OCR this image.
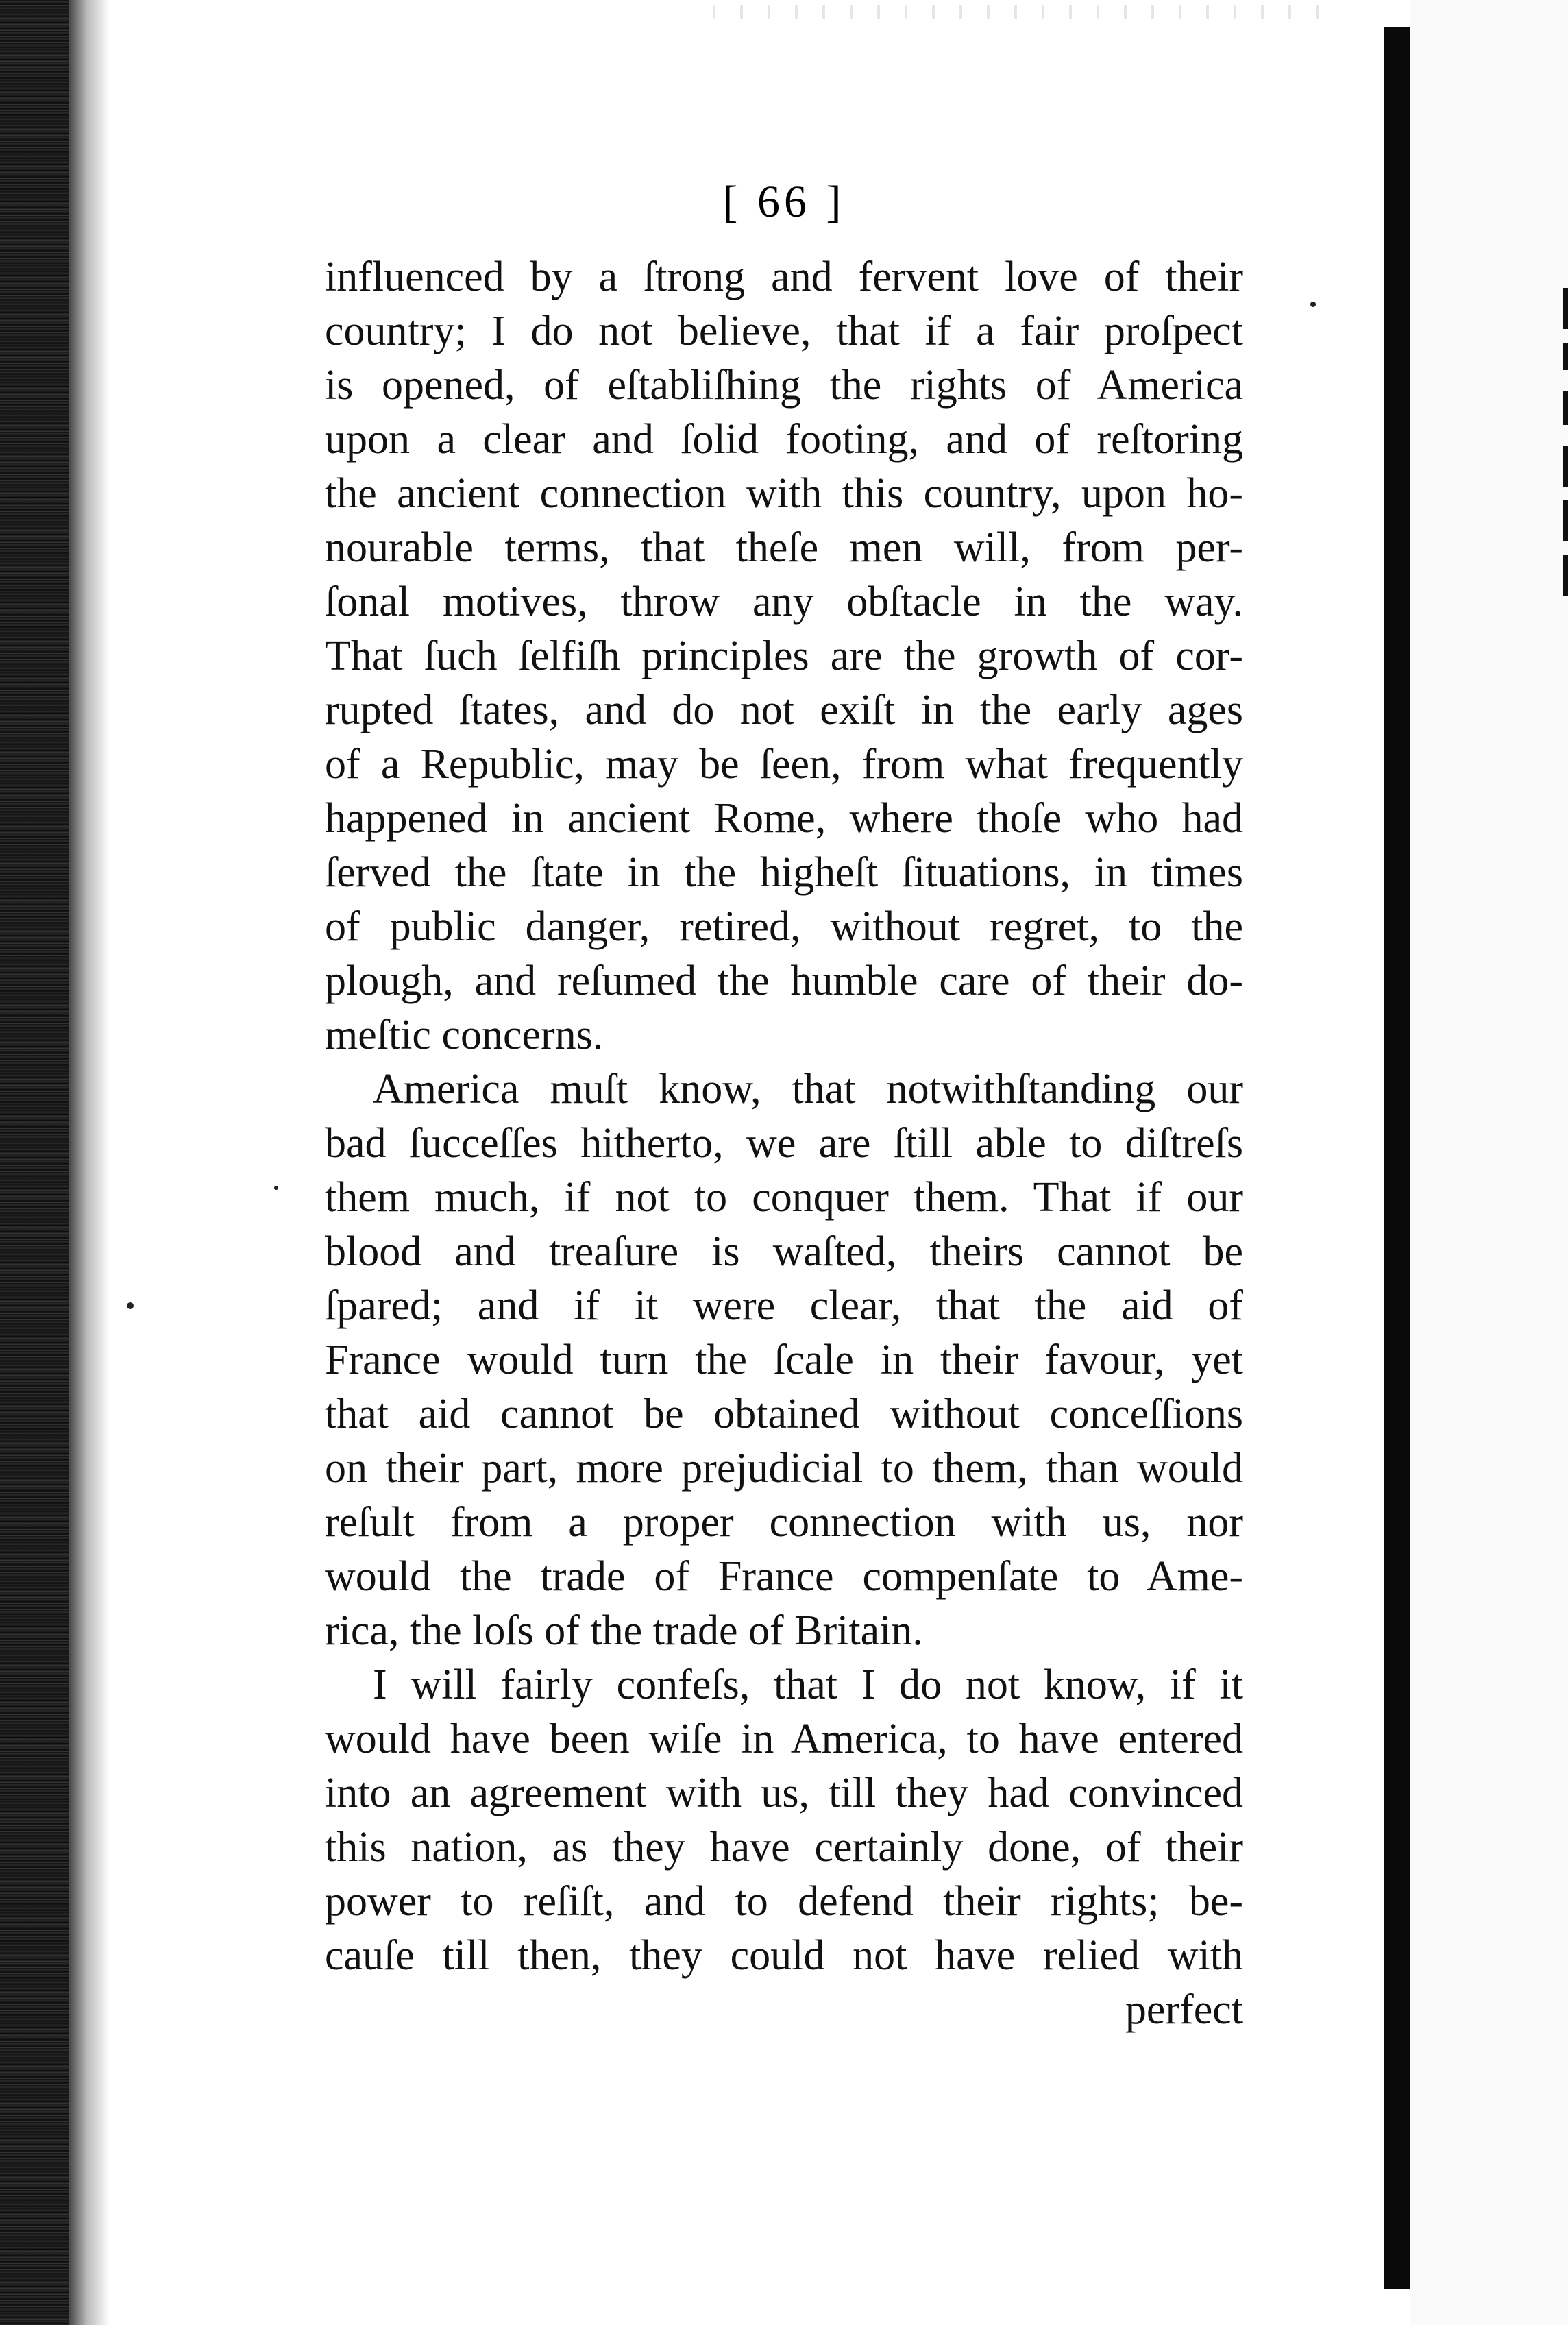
[ 66 ]
influenced by a ſtrong and fervent love of their
country; I do not believe, that if a fair proſpect
is opened, of eſtabliſhing the rights of America
upon a clear and ſolid footing, and of reſtoring
the ancient connection with this country, upon ho-
nourable terms, that theſe men will, from per-
ſonal motives, throw any obſtacle in the way.
That ſuch ſelfiſh principles are the growth of cor-
rupted ſtates, and do not exiſt in the early ages
of a Republic, may be ſeen, from what frequently
happened in ancient Rome, where thoſe who had
ſerved the ſtate in the higheſt ſituations, in times
of public danger, retired, without regret, to the
plough, and reſumed the humble care of their do-
meſtic concerns.
America muſt know, that notwithſtanding our
bad ſucceſſes hitherto, we are ſtill able to diſtreſs
them much, if not to conquer them. That if our
blood and treaſure is waſted, theirs cannot be
ſpared; and if it were clear, that the aid of
France would turn the ſcale in their favour, yet
that aid cannot be obtained without conceſſions
on their part, more prejudicial to them, than would
reſult from a proper connection with us, nor
would the trade of France compenſate to Ame-
rica, the loſs of the trade of Britain.
I will fairly confeſs, that I do not know, if it
would have been wiſe in America, to have entered
into an agreement with us, till they had convinced
this nation, as they have certainly done, of their
power to reſiſt, and to defend their rights; be-
cauſe till then, they could not have relied with
perfect
